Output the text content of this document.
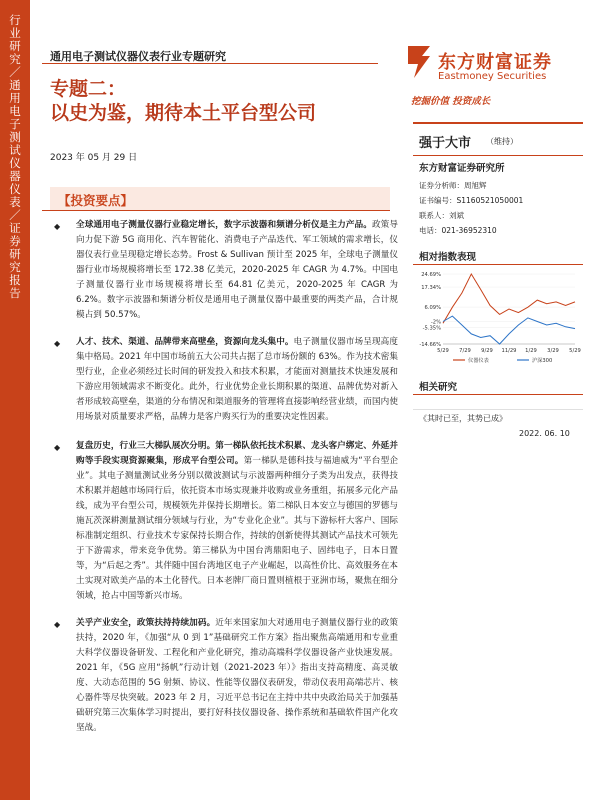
行业研究／通用电子测试仪器仪表／证券研究报告
通用电子测试仪器仪表行业专题研究
专题二：
以史为鉴，期待本土平台型公司
2023 年 05 月 29 日
东方财富证券
Eastmoney Securities
挖掘价值 投资成长
强于大市 （维持）
东方财富证券研究所
证券分析师：周旭辉
证书编号：S1160521050001
联系人：刘斌
电话：021-36952310
相对指数表现
24.69%
17.34%
6.09%
-2%
-5.35%
-14.66%
5/29 7/29 9/29 11/29 1/29 3/29 5/29
仪器仪表	沪深300
相关研究
《其时已至，其势已成》
2022. 06. 10
【投资要点】
◆ 全球通用电子测量仪器行业稳定增长，数字示波器和频谱分析仪是主力产品。政策导向力促下游 5G 商用化、汽车智能化、消费电子产品迭代、军工领域的需求增长，仪器仪表行业呈现稳定增长态势。Frost & Sullivan 预计至 2025 年，全球电子测量仪器行业市场规模将增长至 172.38 亿美元，2020-2025 年 CAGR 为 4.7%。中国电子测量仪器行业市场规模将增长至 64.81 亿美元，2020-2025 年 CAGR 为 6.2%。数字示波器和频谱分析仪是通用电子测量仪器中最重要的两类产品，合计规模占到 50.57%。
◆ 人才、技术、渠道、品牌带来高壁垒，资源向龙头集中。电子测量仪器市场呈现高度集中格局。2021 年中国市场前五大公司共占据了总市场份额的 63%。作为技术密集型行业，企业必须经过长时间的研发投入和技术积累，才能面对测量技术快速发展和下游应用领域需求不断变化。此外，行业优势企业长期积累的渠道、品牌优势对新入者形成较高壁垒，渠道的分布情况和渠道服务的管理将直接影响经营业绩，而国内使用场景对质量要求严格，品牌力是客户购买行为的重要决定性因素。
◆ 复盘历史，行业三大梯队展次分明。第一梯队依托技术积累、龙头客户绑定、外延并购等手段实现资源聚集，形成平台型公司。第一梯队是德科技与福迪威为“平台型企业”。其电子测量测试业务分别以微波测试与示波器两种细分子类为出发点，获得技术积累并超越市场同行后，依托资本市场实现兼并收购或业务重组，拓展多元化产品线，成为平台型公司，规模领先并保持长期增长。第二梯队日本安立与德国的罗德与施瓦茨深耕测量测试细分领域与行业，为“专业化企业”。其与下游标杆大客户、国际标准制定组织、行业技术专家保持长期合作，持续的创新使得其测试产品技术可领先于下游需求，带来竞争优势。第三梯队为中国台湾鼎阳电子、固纬电子，日本日置等，为“后起之秀”。其伴随中国台湾地区电子产业崛起，以高性价比、高效服务在本土实现对欧美产品的本土化替代。日本老牌厂商日置则植根于亚洲市场，聚焦在细分领域，抢占中国等新兴市场。
◆ 关乎产业安全，政策扶持持续加码。近年来国家加大对通用电子测量仪器行业的政策扶持，2020 年，《加强“从 0 到 1”基础研究工作方案》指出聚焦高端通用和专业重大科学仪器设备研发、工程化和产业化研究，推动高端科学仪器设备产业快速发展。2021 年，《5G 应用“扬帆”行动计划（2021-2023 年）》指出支持高精度、高灵敏度、大动态范围的 5G 射频、协议、性能等仪器仪表研发，带动仪表用高端芯片、核心器件等尽快突破。2023 年 2 月，习近平总书记在主持中共中央政治局关于加强基础研究第三次集体学习时提出，要打好科技仪器设备、操作系统和基础软件国产化攻坚战。
